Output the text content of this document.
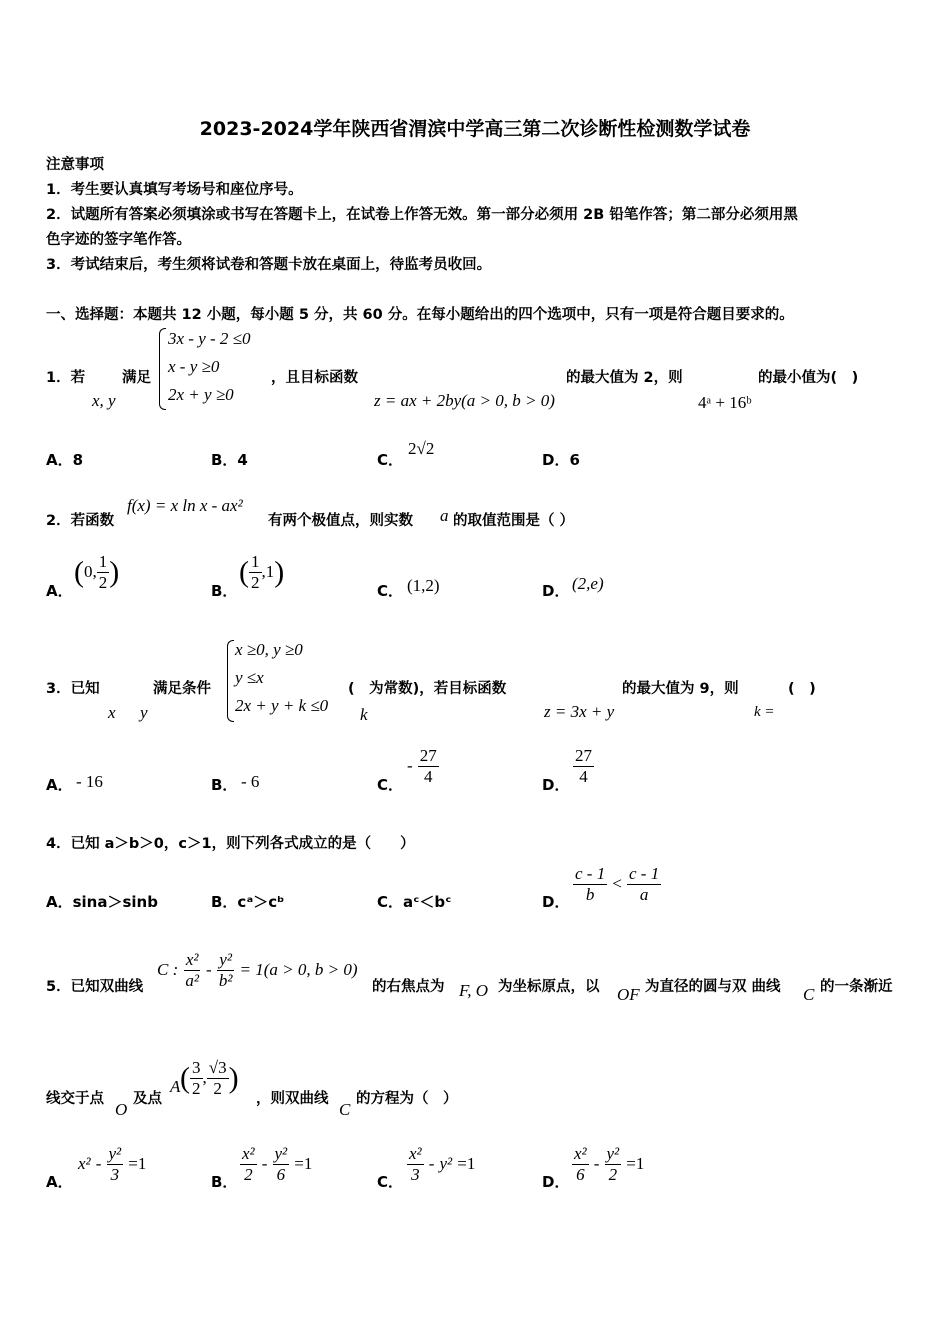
2023-2024学年陕西省渭滨中学高三第二次诊断性检测数学试卷
注意事项
1．考生要认真填写考场号和座位序号。
2．试题所有答案必须填涂或书写在答题卡上，在试卷上作答无效。第一部分必须用 2B 铅笔作答；第二部分必须用黑
色字迹的签字笔作答。
3．考试结束后，考生须将试卷和答题卡放在桌面上，待监考员收回。
一、选择题：本题共 12 小题，每小题 5 分，共 60 分。在每小题给出的四个选项中，只有一项是符合题目要求的。
1．若
x, y
满足
3x - y - 2 ≤0
x - y ≥0
2x + y ≥0
，且目标函数
z = ax + 2by(a > 0, b > 0)
的最大值为 2，则
4ᵃ + 16ᵇ
的最小值为(　)
A．8	B．4	C．
2√2
D．6
2．若函数
f(x) = x ln x - ax²
有两个极值点，则实数 a 的取值范围是（ ）
A．
(0, $\frac{1}{2}$ )
B．
( $\frac{1}{2} ,1$)
C． (1,2)	D． (2,e)
3．已知
x y
满足条件
x ≥0, y ≥0
y ≤x
2x + y + k ≤0
(　为常数)，若目标函数
k	z = 3x + y
的最大值为 9，则	(　)
k =
A． - 16	B． - 6	C．
- $\frac{27}{4}$	D． $\frac{27}{4}$
4．已知 a＞b＞0，c＞1，则下列各式成立的是（　　）
A．sina＞sinb	B．cᵃ＞cᵇ	C．aᶜ＜bᶜ	D． $\frac{c - 1}{b} < \frac{c - 1}{a}$
5．已知双曲线
C : $\frac{\text{x²}}{\text{a²}} - \frac{\text{y²}}{\text{b²}} = 1(a > 0$, b > 0)
的右焦点为 F, O 为坐标原点，以 OF 为直径的圆与双 曲线 C 的一条渐近
线交于点
O
及点
A ( $\frac{3}{2}$ , $\frac{√3}{2}$ )
，则双曲线
C
的方程为（　）
A．
$x^2 - \frac{\text{y²}}{3} =1$
B． $\frac{\text{x²}}{2} - \frac{\text{y²}}{6} =1$
C． $\frac{\text{x²}}{3} - y^2 =1$
D． $\frac{\text{x²}}{6} - \frac{\text{y²}}{2} =1$
